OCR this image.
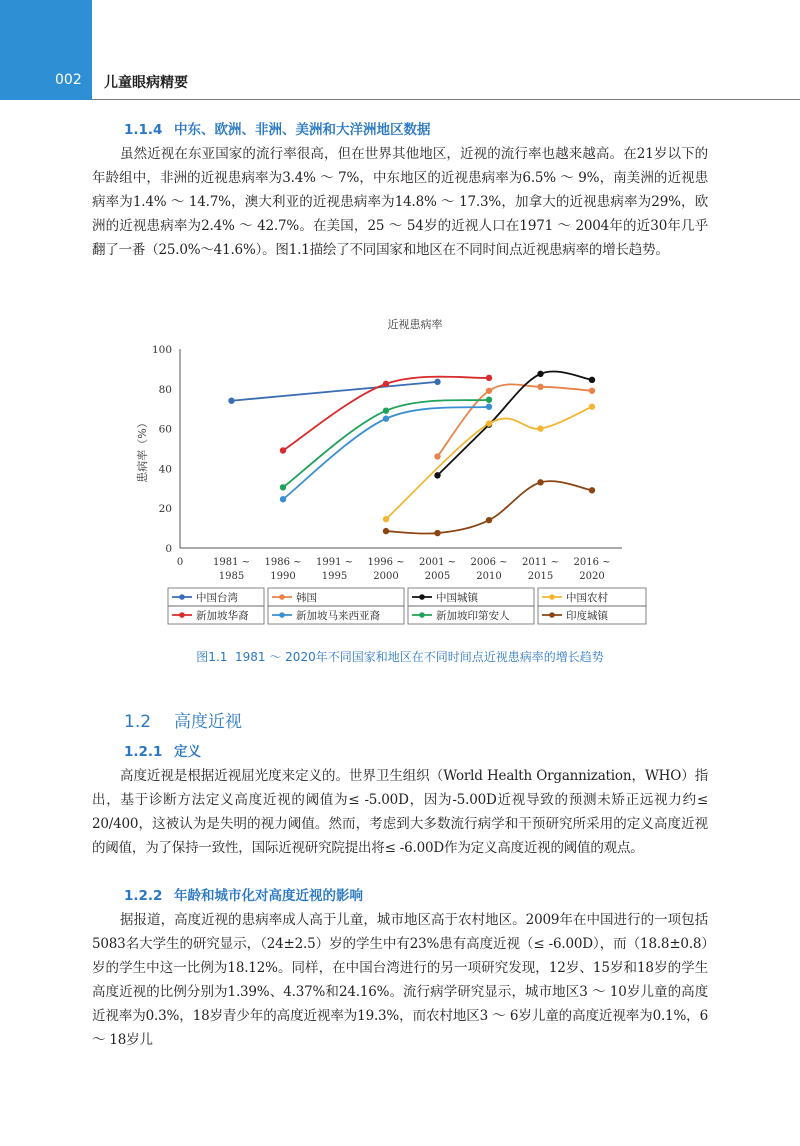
002 儿童眼病精要

1.1.4 中东、欧洲、非洲、美洲和大洋洲地区数据

虽然近视在东亚国家的流行率很高，但在世界其他地区，近视的流行率也越来越高。在21岁以下的年龄组中，非洲的近视患病率为3.4% ～ 7%，中东地区的近视患病率为6.5% ～ 9%，南美洲的近视患病率为1.4% ～ 14.7%，澳大利亚的近视患病率为14.8% ～ 17.3%，加拿大的近视患病率为29%，欧洲的近视患病率为2.4% ～ 42.7%。在美国，25 ～ 54岁的近视人口在1971 ～ 2004年的近30年几乎翻了一番（25.0%～41.6%）。图1.1描绘了不同国家和地区在不同时间点近视患病率的增长趋势。

近视患病率
患病率（%）
0	1981 ~
1985
1986 ~
1990
1991 ~
1995
1996 ~
2000
2001 ~
2005
2006 ~
2010
2011 ~
2015
2016 ~
2020
0
20
40
60
80
100
中国台湾	韩国	中国城镇	中国农村
新加坡华裔	新加坡马来西亚裔	新加坡印第安人	印度城镇
图1.1 1981 ～ 2020年不同国家和地区在不同时间点近视患病率的增长趋势
1.2 高度近视

1.2.1 定义

高度近视是根据近视屈光度来定义的。世界卫生组织（World Health Organnization，WHO）指出，基于诊断方法定义高度近视的阈值为≤ -5.00D，因为-5.00D近视导致的预测未矫正远视力约≤ 20/400，这被认为是失明的视力阈值。然而，考虑到大多数流行病学和干预研究所采用的定义高度近视的阈值，为了保持一致性，国际近视研究院提出将≤ -6.00D作为定义高度近视的阈值的观点。

1.2.2 年龄和城市化对高度近视的影响

据报道，高度近视的患病率成人高于儿童，城市地区高于农村地区。2009年在中国进行的一项包括5083名大学生的研究显示，（24±2.5）岁的学生中有23%患有高度近视（≤ -6.00D），而（18.8±0.8）岁的学生中这一比例为18.12%。同样，在中国台湾进行的另一项研究发现，12岁、15岁和18岁的学生高度近视的比例分别为1.39%、4.37%和24.16%。流行病学研究显示，城市地区3 ～ 10岁儿童的高度近视率为0.3%，18岁青少年的高度近视率为19.3%，而农村地区3 ～ 6岁儿童的高度近视率为0.1%，6 ～ 18岁儿
